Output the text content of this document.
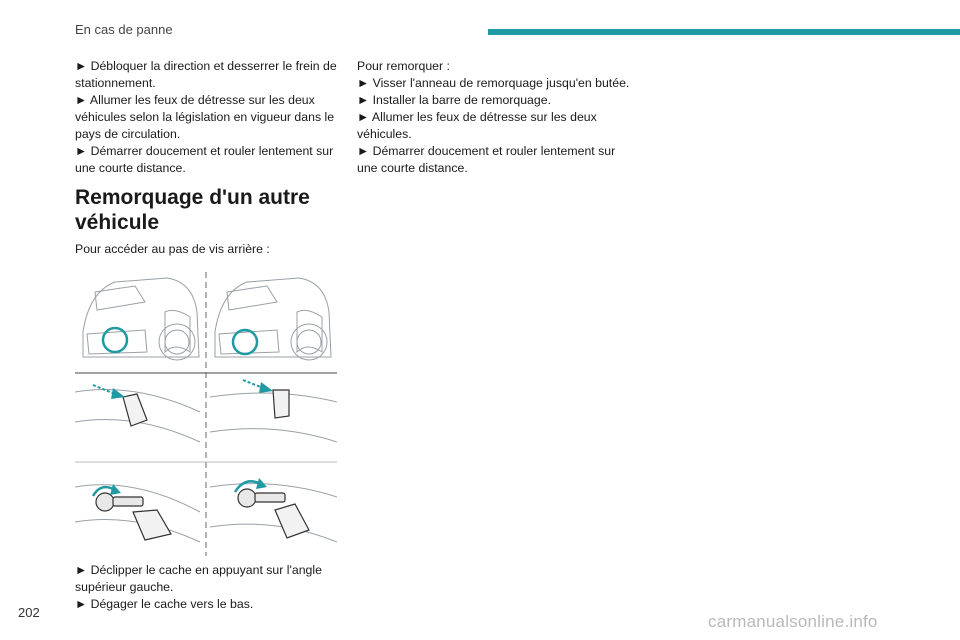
En cas de panne

► Débloquer la direction et desserrer le frein de stationnement.

► Allumer les feux de détresse sur les deux véhicules selon la législation en vigueur dans le pays de circulation.

► Démarrer doucement et rouler lentement sur une courte distance.

Remorquage d'un autre véhicule

Pour accéder au pas de vis arrière :

► Déclipper le cache en appuyant sur l'angle supérieur gauche.

► Dégager le cache vers le bas.

Pour remorquer :

► Visser l'anneau de remorquage jusqu'en butée.

► Installer la barre de remorquage.

► Allumer les feux de détresse sur les deux véhicules.

► Démarrer doucement et rouler lentement sur une courte distance.

202	carmanualsonline.info
